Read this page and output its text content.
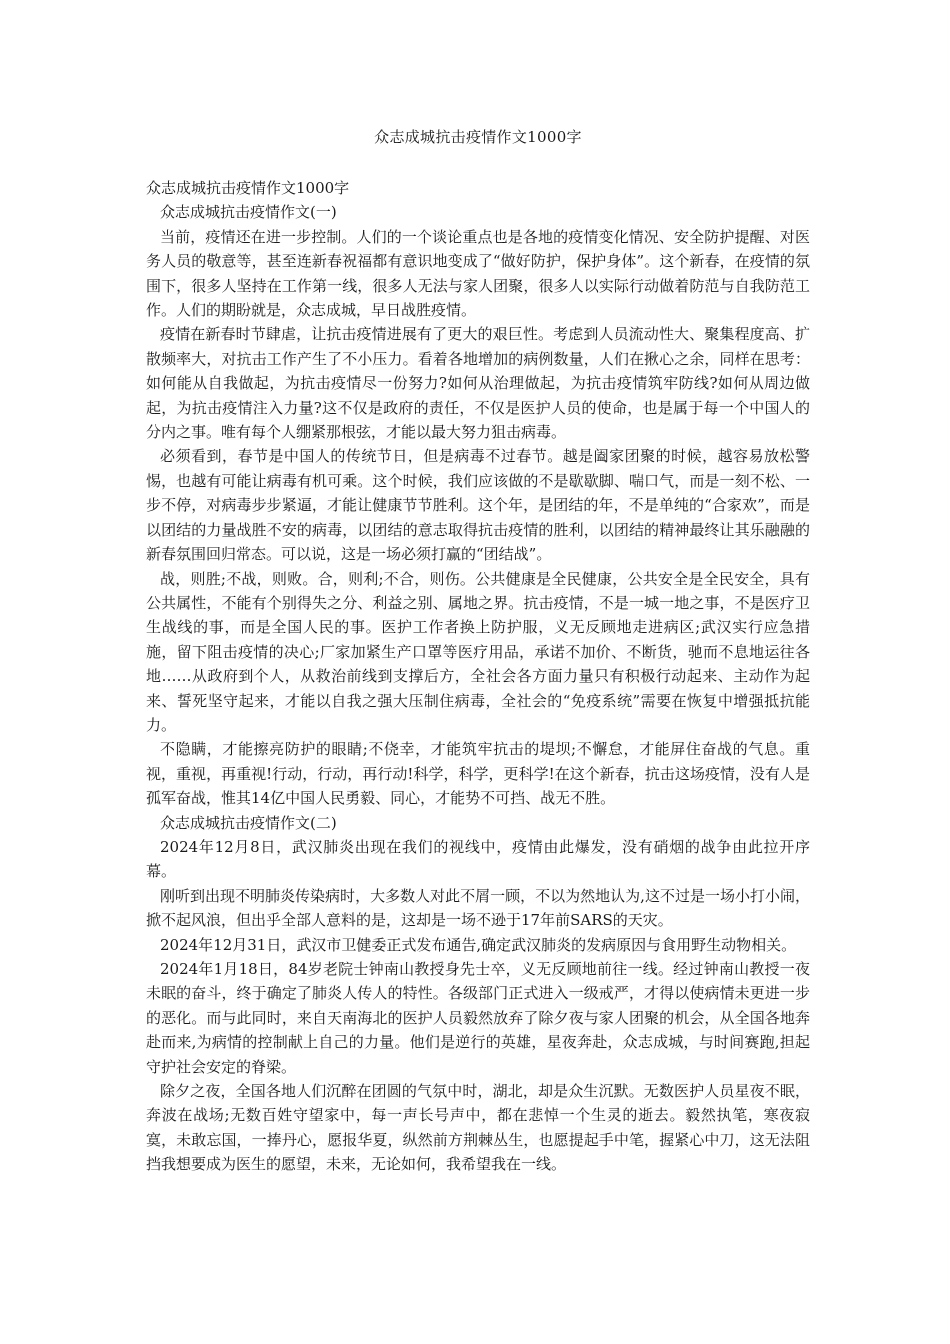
众志成城抗击疫情作文1000字

众志成城抗击疫情作文1000字

众志成城抗击疫情作文(一)

当前，疫情还在进一步控制。人们的一个谈论重点也是各地的疫情变化情况、安全防护提醒、对医务人员的敬意等，甚至连新春祝福都有意识地变成了“做好防护，保护身体”。这个新春，在疫情的氛围下，很多人坚持在工作第一线，很多人无法与家人团聚，很多人以实际行动做着防范与自我防范工作。人们的期盼就是，众志成城，早日战胜疫情。

疫情在新春时节肆虐，让抗击疫情进展有了更大的艰巨性。考虑到人员流动性大、聚集程度高、扩散频率大，对抗击工作产生了不小压力。看着各地增加的病例数量，人们在揪心之余，同样在思考：如何能从自我做起，为抗击疫情尽一份努力?如何从治理做起，为抗击疫情筑牢防线?如何从周边做起，为抗击疫情注入力量?这不仅是政府的责任，不仅是医护人员的使命，也是属于每一个中国人的分内之事。唯有每个人绷紧那根弦，才能以最大努力狙击病毒。

必须看到，春节是中国人的传统节日，但是病毒不过春节。越是阖家团聚的时候，越容易放松警惕，也越有可能让病毒有机可乘。这个时候，我们应该做的不是歇歇脚、喘口气，而是一刻不松、一步不停，对病毒步步紧逼，才能让健康节节胜利。这个年，是团结的年，不是单纯的“合家欢”，而是以团结的力量战胜不安的病毒，以团结的意志取得抗击疫情的胜利，以团结的精神最终让其乐融融的新春氛围回归常态。可以说，这是一场必须打赢的“团结战”。

战，则胜;不战，则败。合，则利;不合，则伤。公共健康是全民健康，公共安全是全民安全，具有公共属性，不能有个别得失之分、利益之别、属地之界。抗击疫情，不是一城一地之事，不是医疗卫生战线的事，而是全国人民的事。医护工作者换上防护服，义无反顾地走进病区;武汉实行应急措施，留下阻击疫情的决心;厂家加紧生产口罩等医疗用品，承诺不加价、不断货，驰而不息地运往各地……从政府到个人，从救治前线到支撑后方，全社会各方面力量只有积极行动起来、主动作为起来、誓死坚守起来，才能以自我之强大压制住病毒，全社会的“免疫系统”需要在恢复中增强抵抗能力。

不隐瞒，才能擦亮防护的眼睛;不侥幸，才能筑牢抗击的堤坝;不懈怠，才能屏住奋战的气息。重视，重视，再重视!行动，行动，再行动!科学，科学，更科学!在这个新春，抗击这场疫情，没有人是孤军奋战，惟其14亿中国人民勇毅、同心，才能势不可挡、战无不胜。

众志成城抗击疫情作文(二)

2024年12月8日，武汉肺炎出现在我们的视线中，疫情由此爆发，没有硝烟的战争由此拉开序幕。

刚听到出现不明肺炎传染病时，大多数人对此不屑一顾，不以为然地认为,这不过是一场小打小闹，掀不起风浪，但出乎全部人意料的是，这却是一场不逊于17年前SARS的天灾。

2024年12月31日，武汉市卫健委正式发布通告,确定武汉肺炎的发病原因与食用野生动物相关。

2024年1月18日，84岁老院士钟南山教授身先士卒，义无反顾地前往一线。经过钟南山教授一夜未眠的奋斗，终于确定了肺炎人传人的特性。各级部门正式进入一级戒严，才得以使病情未更进一步的恶化。而与此同时，来自天南海北的医护人员毅然放弃了除夕夜与家人团聚的机会，从全国各地奔赴而来,为病情的控制献上自己的力量。他们是逆行的英雄，星夜奔赴，众志成城，与时间赛跑,担起守护社会安定的脊梁。

除夕之夜，全国各地人们沉醉在团圆的气氛中时，湖北，却是众生沉默。无数医护人员星夜不眠，奔波在战场;无数百姓守望家中，每一声长号声中，都在悲悼一个生灵的逝去。毅然执笔，寒夜寂寞，未敢忘国，一捧丹心，愿报华夏，纵然前方荆棘丛生，也愿提起手中笔，握紧心中刀，这无法阻挡我想要成为医生的愿望，未来，无论如何，我希望我在一线。
